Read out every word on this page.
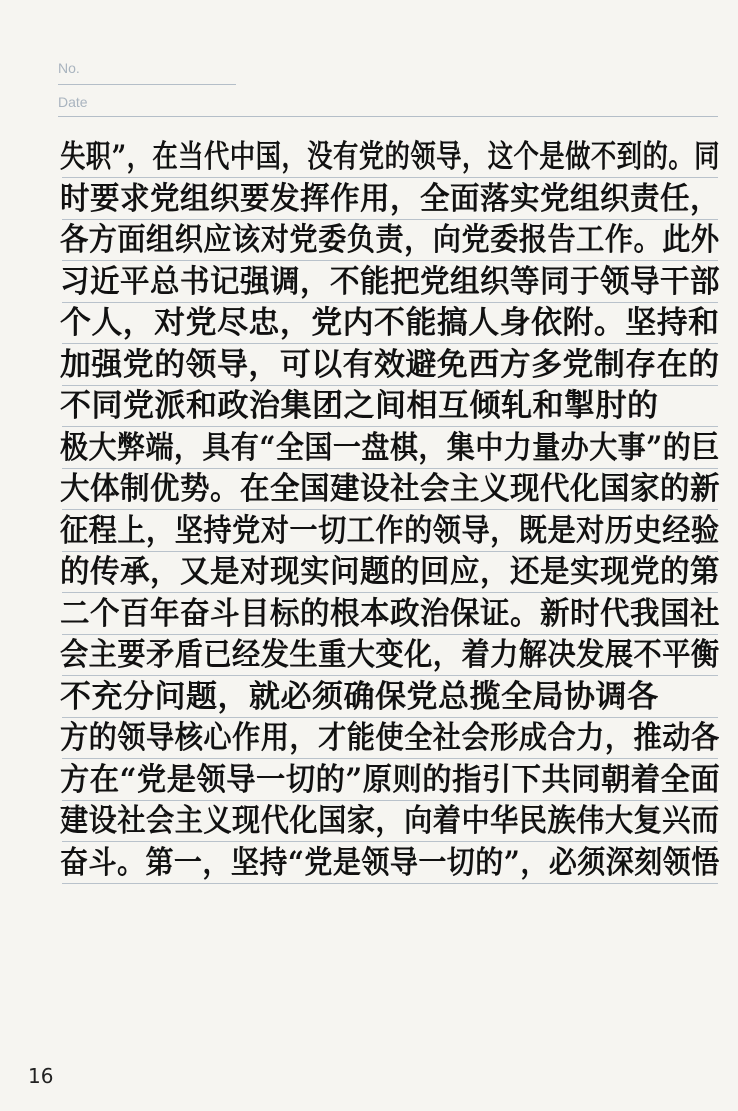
No.
Date
失职”，在当代中国，没有党的领导，这个是做不到的。同
时要求党组织要发挥作用，全面落实党组织责任，
各方面组织应该对党委负责，向党委报告工作。此外
习近平总书记强调，不能把党组织等同于领导干部
个人，对党尽忠，党内不能搞人身依附。坚持和
加强党的领导，可以有效避免西方多党制存在的
不同党派和政治集团之间相互倾轧和掣肘的
极大弊端，具有“全国一盘棋，集中力量办大事”的巨
大体制优势。在全国建设社会主义现代化国家的新
征程上，坚持党对一切工作的领导，既是对历史经验
的传承，又是对现实问题的回应，还是实现党的第
二个百年奋斗目标的根本政治保证。新时代我国社
会主要矛盾已经发生重大变化，着力解决发展不平衡
不充分问题，就必须确保党总揽全局协调各
方的领导核心作用，才能使全社会形成合力，推动各
方在“党是领导一切的”原则的指引下共同朝着全面
建设社会主义现代化国家，向着中华民族伟大复兴而
奋斗。第一，坚持“党是领导一切的”，必须深刻领悟
16
